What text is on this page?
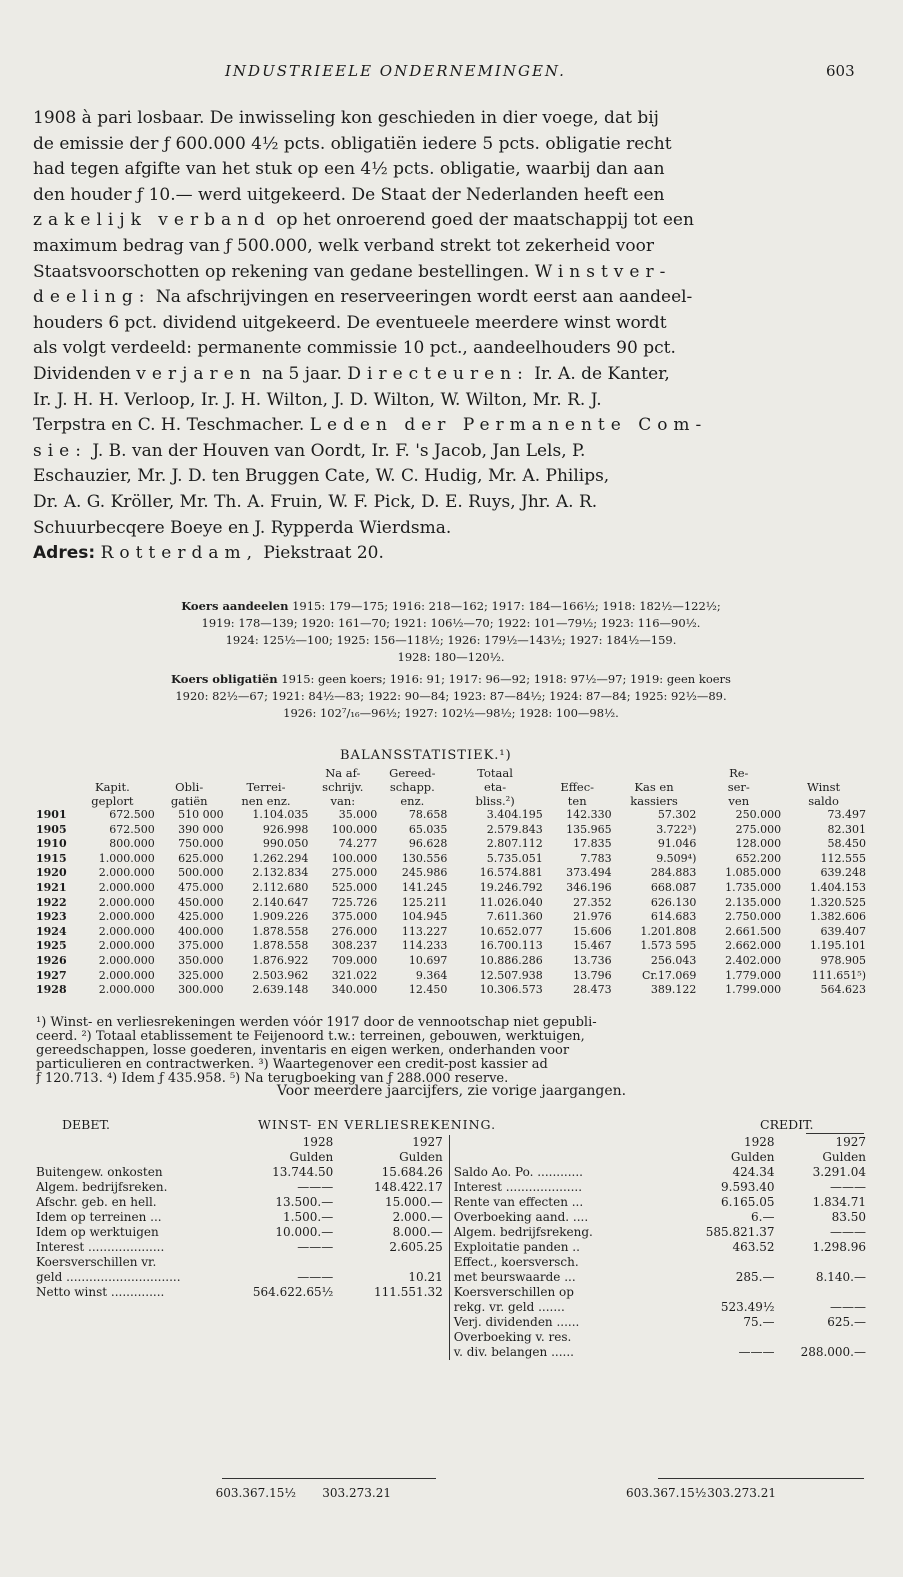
INDUSTRIEELE ONDERNEMINGEN.	603
1908 à pari losbaar. De inwisseling kon geschieden in dier voege, dat bij
de emissie der ƒ 600.000 4½ pcts. obligatiën iedere 5 pcts. obligatie recht
had tegen afgifte van het stuk op een 4½ pcts. obligatie, waarbij dan aan
den houder ƒ 10.— werd uitgekeerd. De Staat der Nederlanden heeft een
zakelijk verband op het onroerend goed der maatschappij tot een
maximum bedrag van ƒ 500.000, welk verband strekt tot zekerheid voor
Staatsvoorschotten op rekening van gedane bestellingen. Winstver-
deeling: Na afschrijvingen en reserveeringen wordt eerst aan aandeel-
houders 6 pct. dividend uitgekeerd. De eventueele meerdere winst wordt
als volgt verdeeld: permanente commissie 10 pct., aandeelhouders 90 pct.
Dividenden verjaren na 5 jaar. Directeuren: Ir. A. de Kanter,
Ir. J. H. H. Verloop, Ir. J. H. Wilton, J. D. Wilton, W. Wilton, Mr. R. J.
Terpstra en C. H. Teschmacher. Leden der Permanente Com-
sie: J. B. van der Houven van Oordt, Ir. F. 's Jacob, Jan Lels, P.
Eschauzier, Mr. J. D. ten Bruggen Cate, W. C. Hudig, Mr. A. Philips,
Dr. A. G. Kröller, Mr. Th. A. Fruin, W. F. Pick, D. E. Ruys, Jhr. A. R.
Schuurbecqere Boeye en J. Rypperda Wierdsma.
Adres: Rotterdam, Piekstraat 20.
Koers aandeelen 1915: 179—175; 1916: 218—162; 1917: 184—166½; 1918: 182½—122½;
1919: 178—139; 1920: 161—70; 1921: 106½—70; 1922: 101—79½; 1923: 116—90½.
1924: 125½—100; 1925: 156—118½; 1926: 179½—143½; 1927: 184½—159.
1928: 180—120½.
Koers obligatiën 1915: geen koers; 1916: 91; 1917: 96—92; 1918: 97½—97; 1919: geen koers
1920: 82½—67; 1921: 84½—83; 1922: 90—84; 1923: 87—84½; 1924: 87—84; 1925: 92½—89.
1926: 102⁷/₁₆—96½; 1927: 102½—98½; 1928: 100—98½.
BALANSSTATISTIEK.¹)
				Na af-	Gereed-	Totaal			Re-	
	Kapit.	Obli-	Terrei-	schrijv.	schapp.	eta-	Effec-	Kas en	ser-	Winst
	geplort	gatiën	nen enz.	van:	enz.	bliss.²)	ten	kassiers	ven	saldo
1901	672.500	510 000	1.104.035	35.000	78.658	3.404.195	142.330	57.302	250.000	73.497
1905	672.500	390 000	926.998	100.000	65.035	2.579.843	135.965	3.722³)	275.000	82.301
1910	800.000	750.000	990.050	74.277	96.628	2.807.112	17.835	91.046	128.000	58.450
1915	1.000.000	625.000	1.262.294	100.000	130.556	5.735.051	7.783	9.509⁴)	652.200	112.555
1920	2.000.000	500.000	2.132.834	275.000	245.986	16.574.881	373.494	284.883	1.085.000	639.248
1921	2.000.000	475.000	2.112.680	525.000	141.245	19.246.792	346.196	668.087	1.735.000	1.404.153
1922	2.000.000	450.000	2.140.647	725.726	125.211	11.026.040	27.352	626.130	2.135.000	1.320.525
1923	2.000.000	425.000	1.909.226	375.000	104.945	7.611.360	21.976	614.683	2.750.000	1.382.606
1924	2.000.000	400.000	1.878.558	276.000	113.227	10.652.077	15.606	1.201.808	2.661.500	639.407
1925	2.000.000	375.000	1.878.558	308.237	114.233	16.700.113	15.467	1.573 595	2.662.000	1.195.101
1926	2.000.000	350.000	1.876.922	709.000	10.697	10.886.286	13.736	256.043	2.402.000	978.905
1927	2.000.000	325.000	2.503.962	321.022	9.364	12.507.938	13.796	Cr.17.069	1.779.000	111.651⁵)
1928	2.000.000	300.000	2.639.148	340.000	12.450	10.306.573	28.473	389.122	1.799.000	564.623
¹) Winst- en verliesrekeningen werden vóór 1917 door de vennootschap niet gepubli-
ceerd. ²) Totaal etablissement te Feijenoord t.w.: terreinen, gebouwen, werktuigen,
gereedschappen, losse goederen, inventaris en eigen werken, onderhanden voor
particulieren en contractwerken. ³) Waartegenover een credit-post kassier ad
ƒ 120.713. ⁴) Idem ƒ 435.958. ⁵) Na terugboeking van ƒ 288.000 reserve.
Voor meerdere jaarcijfers, zie vorige jaargangen.
DEBET.	WINST- EN VERLIESREKENING.	CREDIT.
	1928	1927		1928	1927
	Gulden	Gulden		Gulden	Gulden
Buitengew. onkosten	13.744.50	15.684.26	Saldo Ao. Po. ............	424.34	3.291.04
Algem. bedrijfsreken.	———	148.422.17	Interest ....................	9.593.40	———
Afschr. geb. en hell.	13.500.—	15.000.—	Rente van effecten ...	6.165.05	1.834.71
Idem op terreinen ...	1.500.—	2.000.—	Overboeking aand. ....	6.—	83.50
Idem op werktuigen	10.000.—	8.000.—	Algem. bedrijfsrekeng.	585.821.37	———
Interest ....................	———	2.605.25	Exploitatie panden ..	463.52	1.298.96
Koersverschillen vr.			Effect., koersversch.		
geld ..............................	———	10.21	met beurswaarde ...	285.—	8.140.—
Netto winst ..............	564.622.65½	111.551.32	Koersverschillen op		
			rekg. vr. geld .......	523.49½	———
			Verj. dividenden ......	75.—	625.—
			Overboeking v. res.		
			v. div. belangen ......	———	288.000.—
603.367.15½	303.273.21	603.367.15½ 303.273.21
